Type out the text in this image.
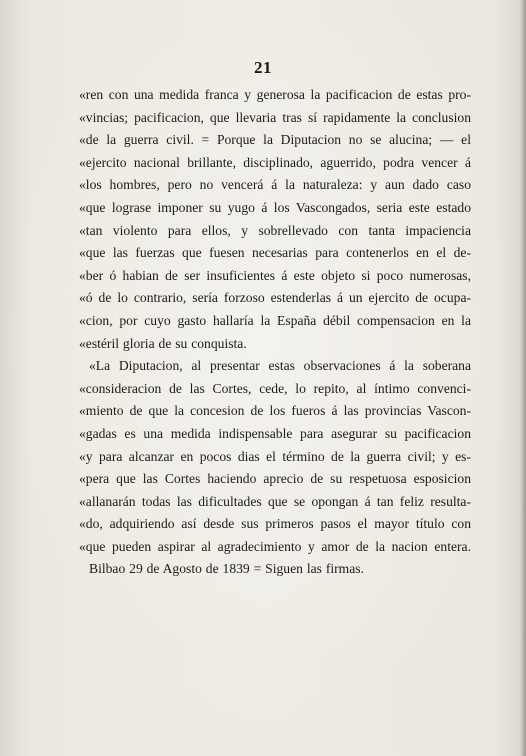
21
«ren con una medida franca y generosa la pacificacion de estas pro-
«vincias; pacificacion, que llevaria tras sí rapidamente la conclusion
«de la guerra civil. = Porque la Diputacion no se alucina; — el
«ejercito nacional brillante, disciplinado, aguerrido, podra vencer á
«los hombres, pero no vencerá á la naturaleza: y aun dado caso
«que lograse imponer su yugo á los Vascongados, seria este estado
«tan violento para ellos, y sobrellevado con tanta impaciencia
«que las fuerzas que fuesen necesarias para contenerlos en el de-
«ber ó habian de ser insuficientes á este objeto si poco numerosas,
«ó de lo contrario, sería forzoso estenderlas á un ejercito de ocupa-
«cion, por cuyo gasto hallaría la España débil compensacion en la
«estéril gloria de su conquista.
«La Diputacion, al presentar estas observaciones á la soberana
«consideracion de las Cortes, cede, lo repito, al íntimo convenci-
«miento de que la concesion de los fueros á las provincias Vascon-
«gadas es una medida indispensable para asegurar su pacificacion
«y para alcanzar en pocos dias el término de la guerra civil; y es-
«pera que las Cortes haciendo aprecio de su respetuosa esposicion
«allanarán todas las dificultades que se opongan á tan feliz resulta-
«do, adquiriendo así desde sus primeros pasos el mayor título con
«que pueden aspirar al agradecimiento y amor de la nacion entera.
Bilbao 29 de Agosto de 1839 = Siguen las firmas.
